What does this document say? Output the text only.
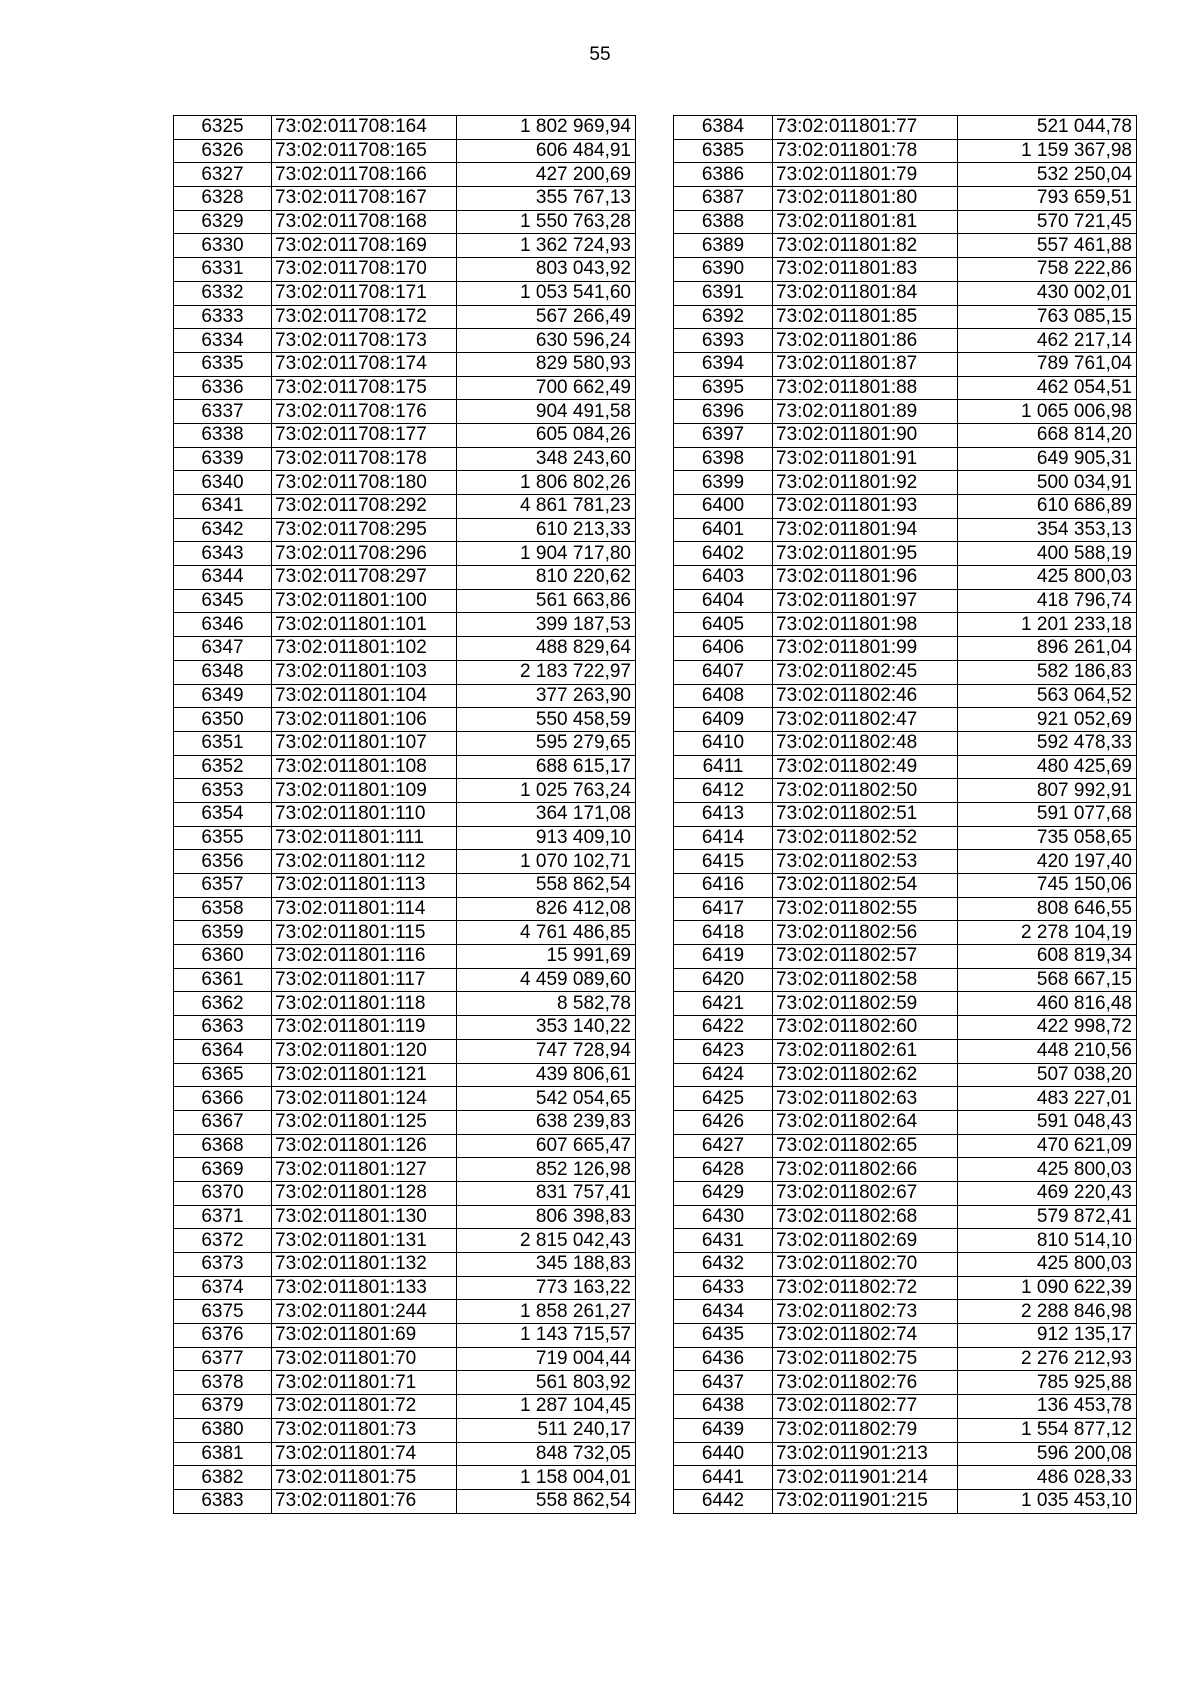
55
6325	73:02:011708:164	1 802 969,94
6326	73:02:011708:165	606 484,91
6327	73:02:011708:166	427 200,69
6328	73:02:011708:167	355 767,13
6329	73:02:011708:168	1 550 763,28
6330	73:02:011708:169	1 362 724,93
6331	73:02:011708:170	803 043,92
6332	73:02:011708:171	1 053 541,60
6333	73:02:011708:172	567 266,49
6334	73:02:011708:173	630 596,24
6335	73:02:011708:174	829 580,93
6336	73:02:011708:175	700 662,49
6337	73:02:011708:176	904 491,58
6338	73:02:011708:177	605 084,26
6339	73:02:011708:178	348 243,60
6340	73:02:011708:180	1 806 802,26
6341	73:02:011708:292	4 861 781,23
6342	73:02:011708:295	610 213,33
6343	73:02:011708:296	1 904 717,80
6344	73:02:011708:297	810 220,62
6345	73:02:011801:100	561 663,86
6346	73:02:011801:101	399 187,53
6347	73:02:011801:102	488 829,64
6348	73:02:011801:103	2 183 722,97
6349	73:02:011801:104	377 263,90
6350	73:02:011801:106	550 458,59
6351	73:02:011801:107	595 279,65
6352	73:02:011801:108	688 615,17
6353	73:02:011801:109	1 025 763,24
6354	73:02:011801:110	364 171,08
6355	73:02:011801:111	913 409,10
6356	73:02:011801:112	1 070 102,71
6357	73:02:011801:113	558 862,54
6358	73:02:011801:114	826 412,08
6359	73:02:011801:115	4 761 486,85
6360	73:02:011801:116	15 991,69
6361	73:02:011801:117	4 459 089,60
6362	73:02:011801:118	8 582,78
6363	73:02:011801:119	353 140,22
6364	73:02:011801:120	747 728,94
6365	73:02:011801:121	439 806,61
6366	73:02:011801:124	542 054,65
6367	73:02:011801:125	638 239,83
6368	73:02:011801:126	607 665,47
6369	73:02:011801:127	852 126,98
6370	73:02:011801:128	831 757,41
6371	73:02:011801:130	806 398,83
6372	73:02:011801:131	2 815 042,43
6373	73:02:011801:132	345 188,83
6374	73:02:011801:133	773 163,22
6375	73:02:011801:244	1 858 261,27
6376	73:02:011801:69	1 143 715,57
6377	73:02:011801:70	719 004,44
6378	73:02:011801:71	561 803,92
6379	73:02:011801:72	1 287 104,45
6380	73:02:011801:73	511 240,17
6381	73:02:011801:74	848 732,05
6382	73:02:011801:75	1 158 004,01
6383	73:02:011801:76	558 862,54
6384	73:02:011801:77	521 044,78
6385	73:02:011801:78	1 159 367,98
6386	73:02:011801:79	532 250,04
6387	73:02:011801:80	793 659,51
6388	73:02:011801:81	570 721,45
6389	73:02:011801:82	557 461,88
6390	73:02:011801:83	758 222,86
6391	73:02:011801:84	430 002,01
6392	73:02:011801:85	763 085,15
6393	73:02:011801:86	462 217,14
6394	73:02:011801:87	789 761,04
6395	73:02:011801:88	462 054,51
6396	73:02:011801:89	1 065 006,98
6397	73:02:011801:90	668 814,20
6398	73:02:011801:91	649 905,31
6399	73:02:011801:92	500 034,91
6400	73:02:011801:93	610 686,89
6401	73:02:011801:94	354 353,13
6402	73:02:011801:95	400 588,19
6403	73:02:011801:96	425 800,03
6404	73:02:011801:97	418 796,74
6405	73:02:011801:98	1 201 233,18
6406	73:02:011801:99	896 261,04
6407	73:02:011802:45	582 186,83
6408	73:02:011802:46	563 064,52
6409	73:02:011802:47	921 052,69
6410	73:02:011802:48	592 478,33
6411	73:02:011802:49	480 425,69
6412	73:02:011802:50	807 992,91
6413	73:02:011802:51	591 077,68
6414	73:02:011802:52	735 058,65
6415	73:02:011802:53	420 197,40
6416	73:02:011802:54	745 150,06
6417	73:02:011802:55	808 646,55
6418	73:02:011802:56	2 278 104,19
6419	73:02:011802:57	608 819,34
6420	73:02:011802:58	568 667,15
6421	73:02:011802:59	460 816,48
6422	73:02:011802:60	422 998,72
6423	73:02:011802:61	448 210,56
6424	73:02:011802:62	507 038,20
6425	73:02:011802:63	483 227,01
6426	73:02:011802:64	591 048,43
6427	73:02:011802:65	470 621,09
6428	73:02:011802:66	425 800,03
6429	73:02:011802:67	469 220,43
6430	73:02:011802:68	579 872,41
6431	73:02:011802:69	810 514,10
6432	73:02:011802:70	425 800,03
6433	73:02:011802:72	1 090 622,39
6434	73:02:011802:73	2 288 846,98
6435	73:02:011802:74	912 135,17
6436	73:02:011802:75	2 276 212,93
6437	73:02:011802:76	785 925,88
6438	73:02:011802:77	136 453,78
6439	73:02:011802:79	1 554 877,12
6440	73:02:011901:213	596 200,08
6441	73:02:011901:214	486 028,33
6442	73:02:011901:215	1 035 453,10
